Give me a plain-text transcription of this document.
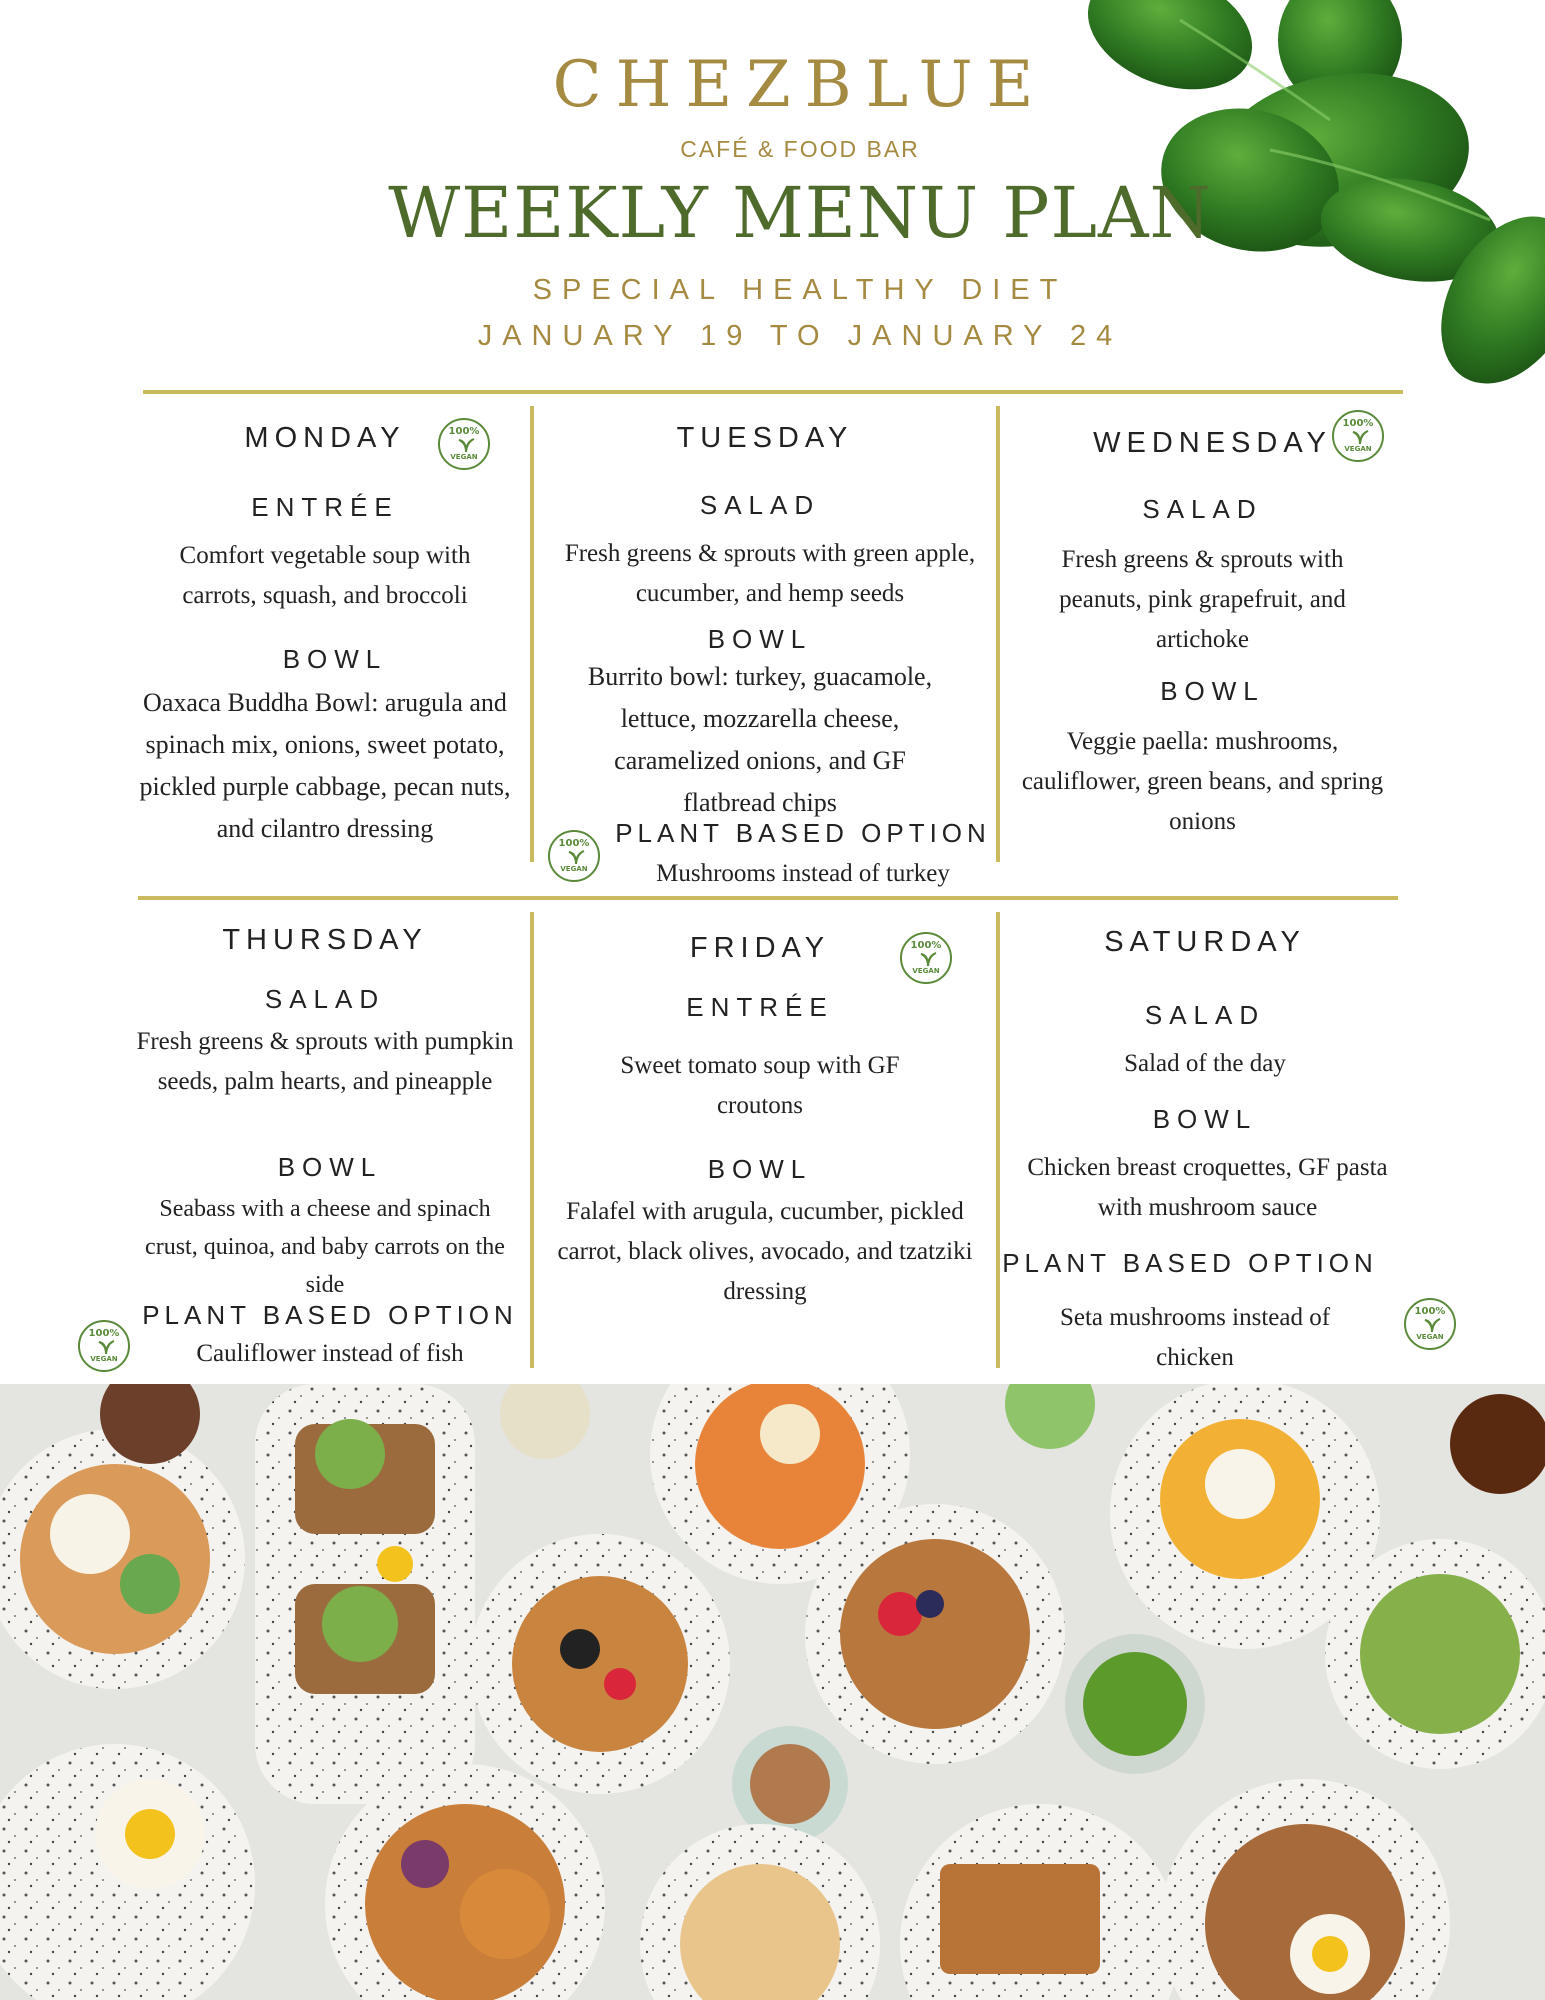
CHEZBLUE
CAFÉ & FOOD BAR
WEEKLY MENU PLAN
SPECIAL HEALTHY DIET
JANUARY 19 TO JANUARY 24
MONDAY
ENTRÉE
Comfort vegetable soup with carrots, squash, and broccoli
BOWL
Oaxaca Buddha Bowl: arugula and spinach mix, onions, sweet potato, pickled purple cabbage, pecan nuts, and cilantro dressing
100%
VEGAN
TUESDAY
SALAD
Fresh greens & sprouts with green apple, cucumber, and hemp seeds
BOWL
Burrito bowl: turkey, guacamole, lettuce, mozzarella cheese, caramelized onions, and GF flatbread chips
PLANT BASED OPTION
Mushrooms instead of turkey
100%
VEGAN
WEDNESDAY
SALAD
Fresh greens & sprouts with peanuts, pink grapefruit, and artichoke
BOWL
Veggie paella: mushrooms, cauliflower, green beans, and spring onions
100%
VEGAN
THURSDAY
SALAD
Fresh greens & sprouts with pumpkin seeds, palm hearts, and pineapple
BOWL
Seabass with a cheese and spinach crust, quinoa, and baby carrots on the side
PLANT BASED OPTION
Cauliflower instead of fish
100%
VEGAN
FRIDAY
ENTRÉE
Sweet tomato soup with GF croutons
BOWL
Falafel with arugula, cucumber, pickled carrot, black olives, avocado, and tzatziki dressing
100%
VEGAN
SATURDAY
SALAD
Salad of the day
BOWL
Chicken breast croquettes, GF pasta with mushroom sauce
PLANT BASED OPTION
Seta mushrooms instead of chicken
100%
VEGAN
